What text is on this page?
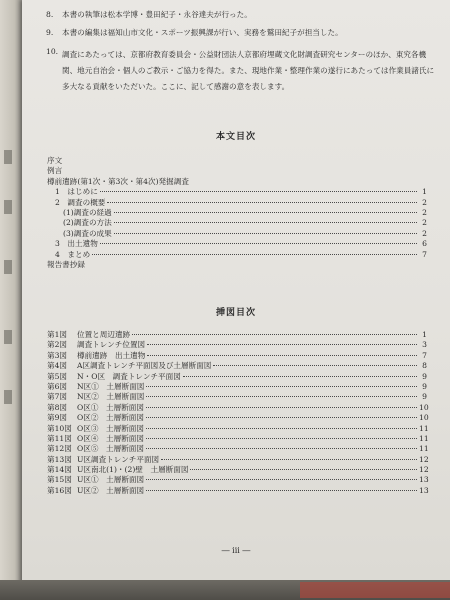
8. 本書の執筆は松本学博・豊田紀子・永谷達夫が行った。
9. 本書の編集は福知山市文化・スポーツ振興課が行い、実務を鷲田紀子が担当した。
10. 調査にあたっては、京都府教育委員会・公益財団法人京都府埋蔵文化財調査研究センターのほか、東究各機関、地元自治会・個人のご教示・ご協力を得た。また、現地作業・整理作業の遂行にあたっては作業員諸氏に多大なる貢献をいただいた。ここに、記して感謝の意を表します。
本文目次
序文
例言
樽前遺跡(第1次・第3次・第4次)発掘調査
1　はじめに	1
2　調査の概要	2
(1)調査の経過	2
(2)調査の方法	2
(3)調査の成果	2
3　出土遺物	6
4　まとめ	7
報告書抄録
挿図目次
第1図	位置と周辺遺跡	1
第2図	調査トレンチ位置図	3
第3図	樽前遺跡　出土遺物	7
第4図	A区調査トレンチ平面図及び土層断面図	8
第5図	N・O区　調査トレンチ平面図	9
第6図	N区①　土層断面図	9
第7図	N区②　土層断面図	9
第8図	O区①　土層断面図	10
第9図	O区②　土層断面図	10
第10図 O区③　土層断面図	11
第11図 O区④　土層断面図	11
第12図 O区⑤　土層断面図	11
第13図 U区調査トレンチ平面図	12
第14図 U区南北(1)・(2)壁　土層断面図	12
第15図 U区①　土層断面図	13
第16図 U区②　土層断面図	13
― iii ―
